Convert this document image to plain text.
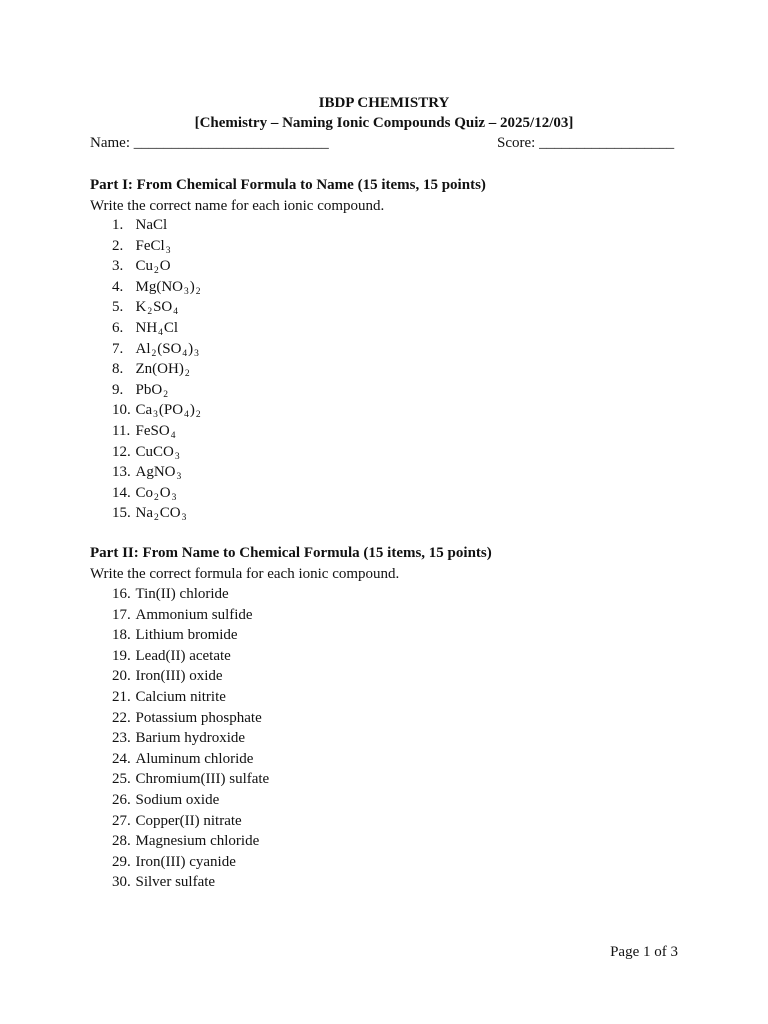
IBDP CHEMISTRY
[Chemistry – Naming Ionic Compounds Quiz – 2025/12/03]
Name: __________________________	Score: __________________
Part I: From Chemical Formula to Name (15 items, 15 points)
Write the correct name for each ionic compound.
1. NaCl
2. FeCl$_3$
3. $Cu_2O$
4. $Mg(NO_3)_2$
5. $K_2SO_4$
6. $NH_4Cl$
7. $Al_2(SO_4)_3$
8. $Zn(OH)_2$
9. PbO$_2$
10. $Ca_3(PO_4)_2$
11. FeSO$_4$
12. CuCO$_3$
13. AgNO$_3$
14. $Co_2O_3$
15. $Na_2CO_3$
Part II: From Name to Chemical Formula (15 items, 15 points)
Write the correct formula for each ionic compound.
16. Tin(II) chloride
17. Ammonium sulfide
18. Lithium bromide
19. Lead(II) acetate
20. Iron(III) oxide
21. Calcium nitrite
22. Potassium phosphate
23. Barium hydroxide
24. Aluminum chloride
25. Chromium(III) sulfate
26. Sodium oxide
27. Copper(II) nitrate
28. Magnesium chloride
29. Iron(III) cyanide
30. Silver sulfate
Page 1 of 3
